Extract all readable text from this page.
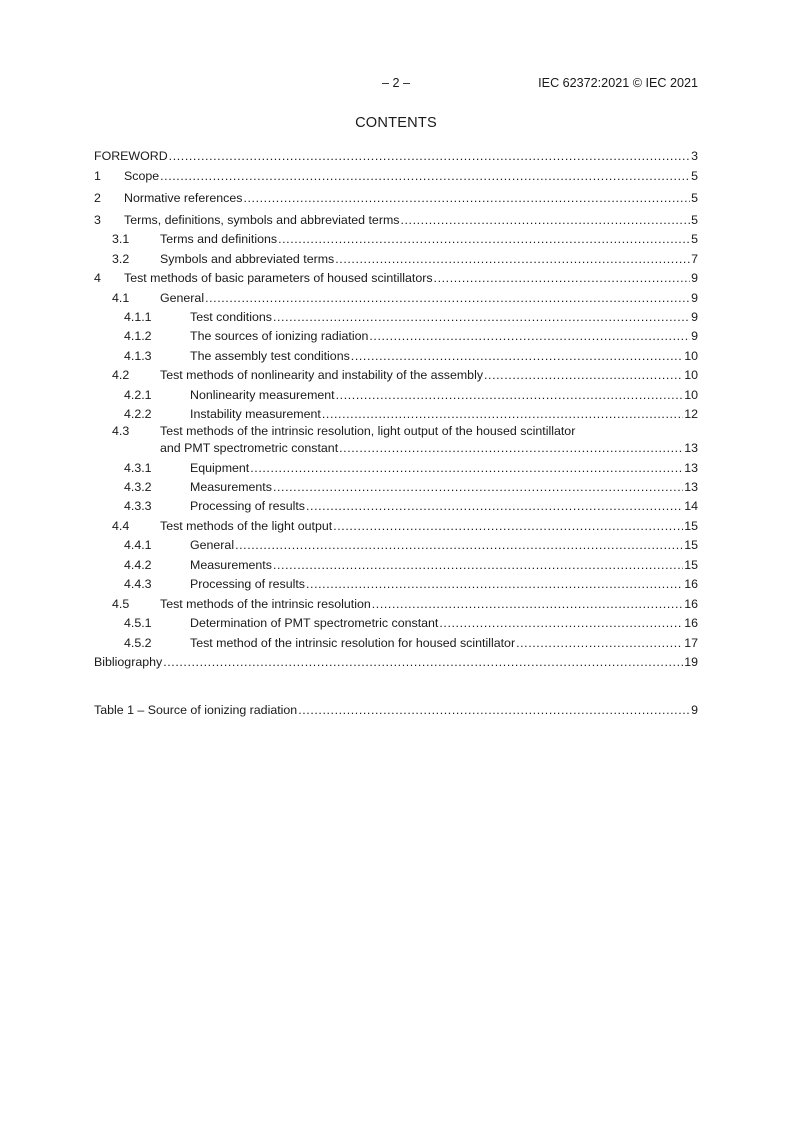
– 2 –	IEC 62372:2021 © IEC 2021
CONTENTS
FOREWORD .....	3
1	Scope .....	5
2	Normative references .....	5
3	Terms, definitions, symbols and abbreviated terms .....	5
3.1	Terms and definitions .....	5
3.2	Symbols and abbreviated terms .....	7
4	Test methods of basic parameters of housed scintillators .....	9
4.1	General .....	9
4.1.1	Test conditions .....	9
4.1.2	The sources of ionizing radiation .....	9
4.1.3	The assembly test conditions .....	10
4.2	Test methods of nonlinearity and instability of the assembly .....	10
4.2.1	Nonlinearity measurement .....	10
4.2.2	Instability measurement .....	12
4.3	Test methods of the intrinsic resolution, light output of the housed scintillator
and PMT spectrometric constant .....	13
4.3.1	Equipment .....	13
4.3.2	Measurements .....	13
4.3.3	Processing of results .....	14
4.4	Test methods of the light output .....	15
4.4.1	General .....	15
4.4.2	Measurements .....	15
4.4.3	Processing of results .....	16
4.5	Test methods of the intrinsic resolution .....	16
4.5.1	Determination of PMT spectrometric constant .....	16
4.5.2	Test method of the intrinsic resolution for housed scintillator .....	17
Bibliography .....	19
Table 1 – Source of ionizing radiation .....	9
